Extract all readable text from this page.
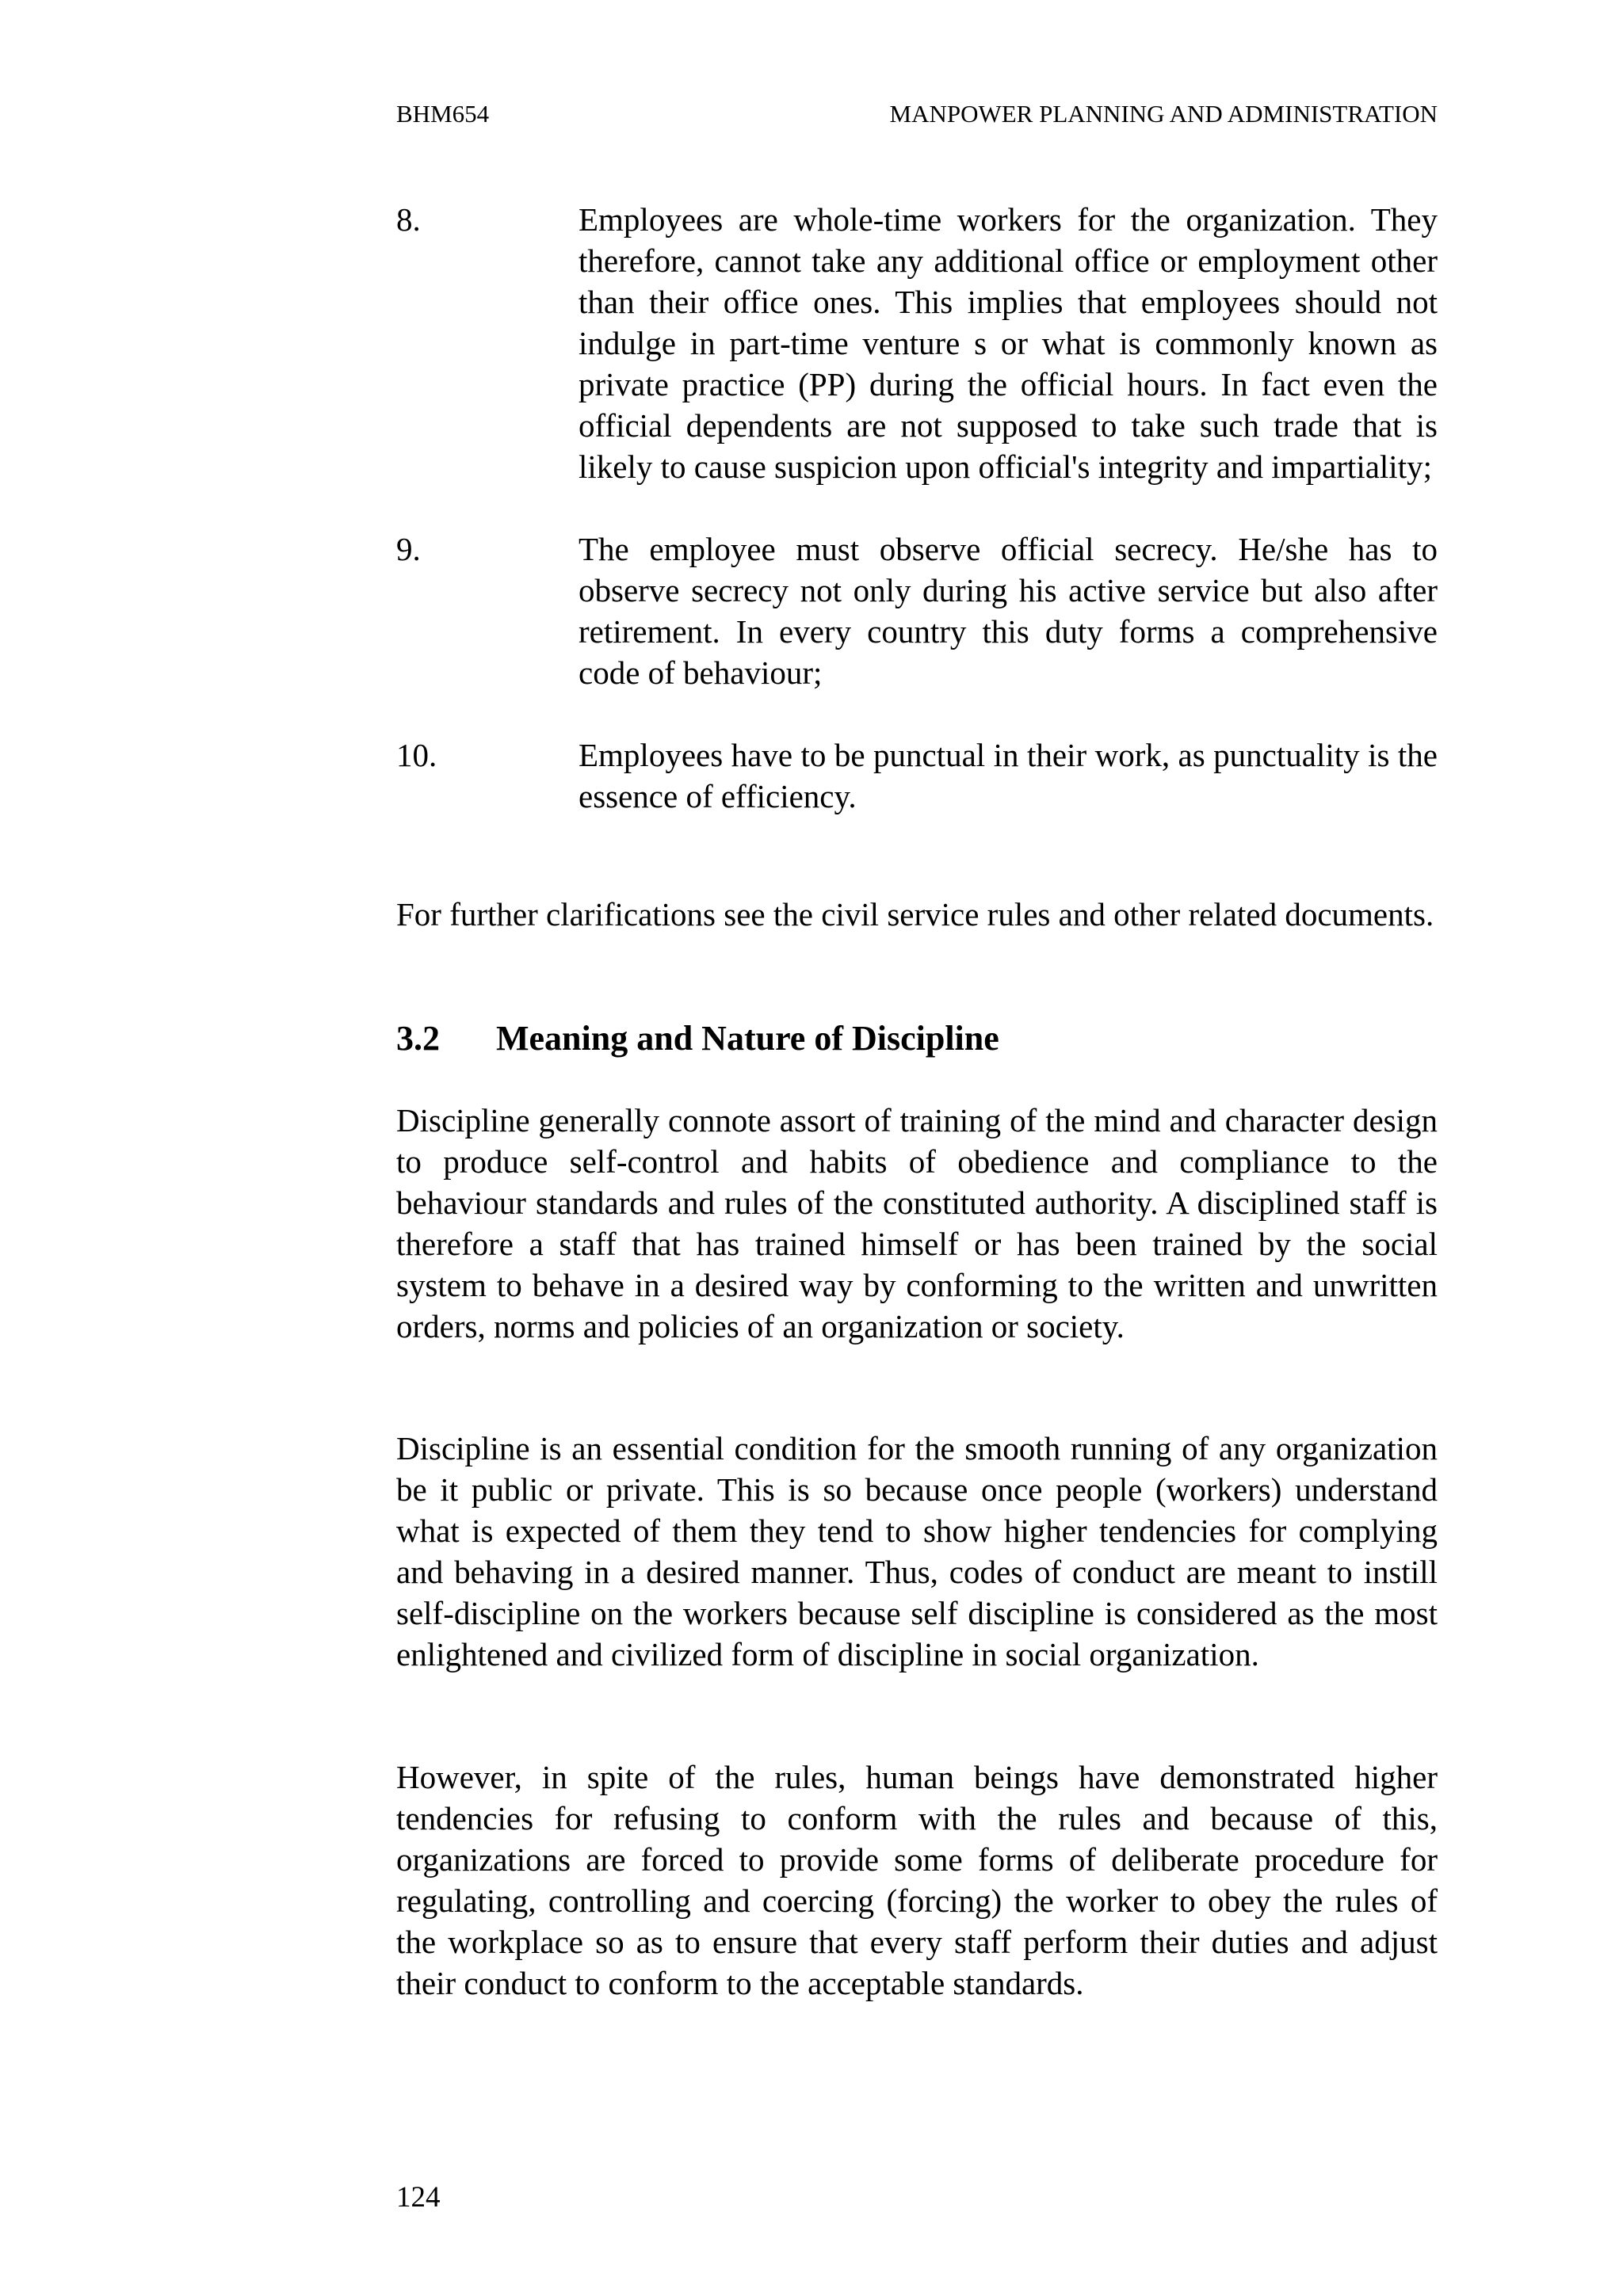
BHM654	MANPOWER PLANNING AND ADMINISTRATION
8.	Employees are whole-time workers for the organization. They therefore, cannot take any additional office or employment other than their office ones. This implies that employees should not indulge in part-time venture s or what is commonly known as private practice (PP) during the official hours. In fact even the official dependents are not supposed to take such trade that is likely to cause suspicion upon official's integrity and impartiality;

9.	The employee must observe official secrecy. He/she has to observe secrecy not only during his active service but also after retirement. In every country this duty forms a comprehensive code of behaviour;

10.	Employees have to be punctual in their work, as punctuality is the essence of efficiency.

For further clarifications see the civil service rules and other related documents.

3.2	Meaning and Nature of Discipline

Discipline generally connote assort of training of the mind and character design to produce self-control and habits of obedience and compliance to the behaviour standards and rules of the constituted authority. A disciplined staff is therefore a staff that has trained himself or has been trained by the social system to behave in a desired way by conforming to the written and unwritten orders, norms and policies of an organization or society.

Discipline is an essential condition for the smooth running of any organization be it public or private. This is so because once people (workers) understand what is expected of them they tend to show higher tendencies for complying and behaving in a desired manner. Thus, codes of conduct are meant to instill self-discipline on the workers because self discipline is considered as the most enlightened and civilized form of discipline in social organization.

However, in spite of the rules, human beings have demonstrated higher tendencies for refusing to conform with the rules and because of this, organizations are forced to provide some forms of deliberate procedure for regulating, controlling and coercing (forcing) the worker to obey the rules of the workplace so as to ensure that every staff perform their duties and adjust their conduct to conform to the acceptable standards.

124
